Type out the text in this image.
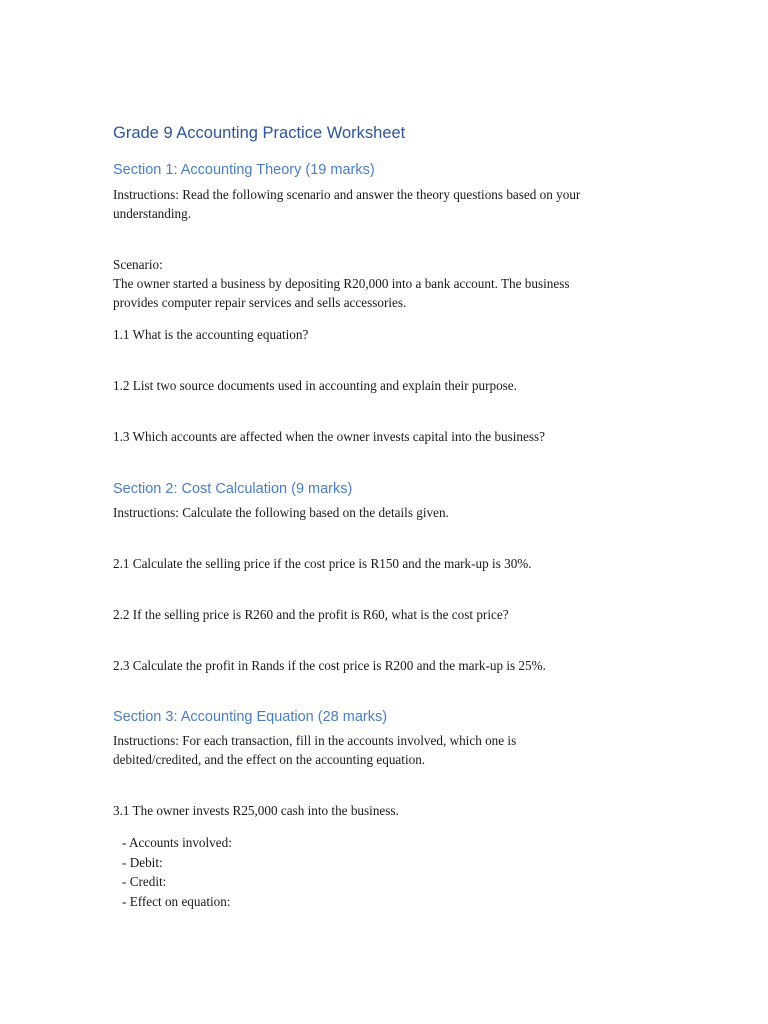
Grade 9 Accounting Practice Worksheet
Section 1: Accounting Theory (19 marks)

Instructions: Read the following scenario and answer the theory questions based on your
understanding.

Scenario:
The owner started a business by depositing R20,000 into a bank account. The business
provides computer repair services and sells accessories.

1.1 What is the accounting equation?

1.2 List two source documents used in accounting and explain their purpose.

1.3 Which accounts are affected when the owner invests capital into the business?

Section 2: Cost Calculation (9 marks)

Instructions: Calculate the following based on the details given.

2.1 Calculate the selling price if the cost price is R150 and the mark-up is 30%.

2.2 If the selling price is R260 and the profit is R60, what is the cost price?

2.3 Calculate the profit in Rands if the cost price is R200 and the mark-up is 25%.

Section 3: Accounting Equation (28 marks)

Instructions: For each transaction, fill in the accounts involved, which one is
debited/credited, and the effect on the accounting equation.

3.1 The owner invests R25,000 cash into the business.

- Accounts involved:
- Debit:
- Credit:
- Effect on equation:
